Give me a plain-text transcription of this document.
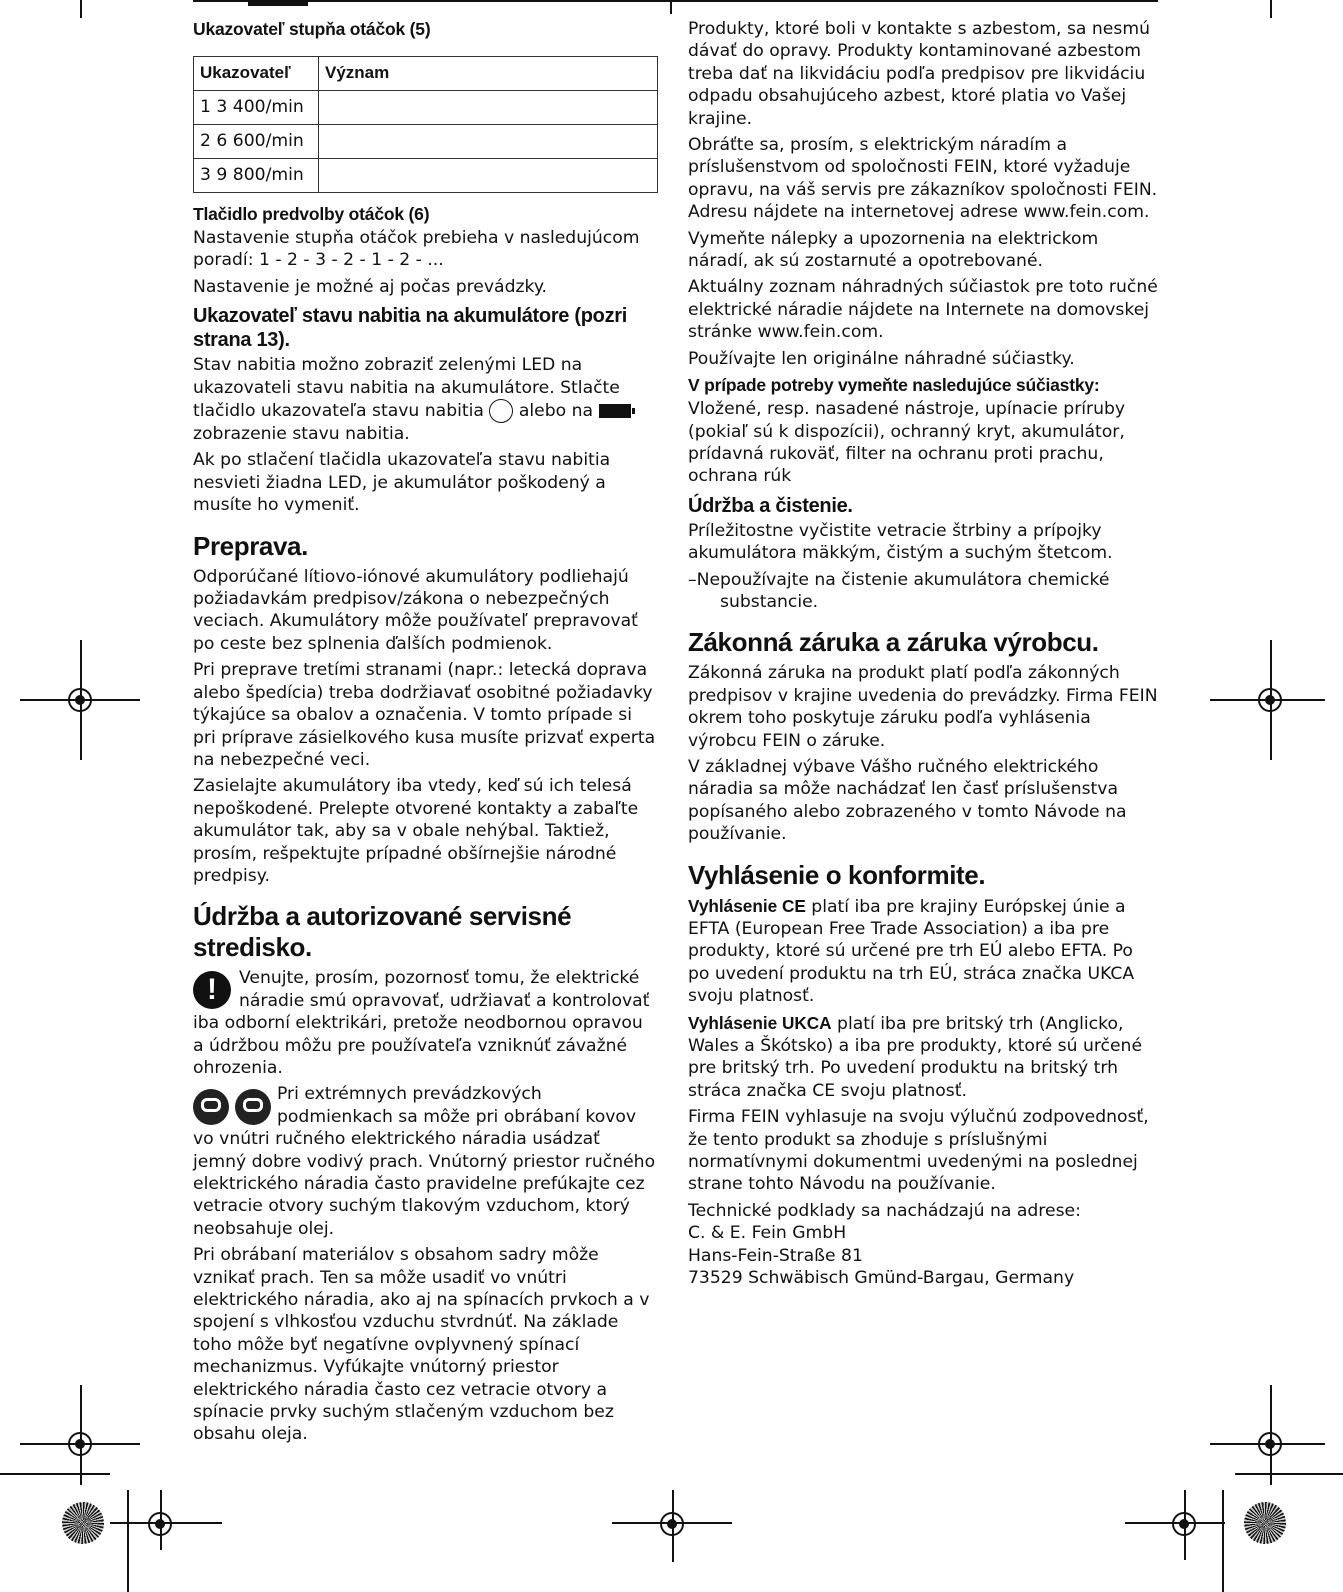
Ukazovateľ stupňa otáčok (5)
Ukazovateľ	Význam
1 3 400/min	
2 6 600/min	
3 9 800/min	
Tlačidlo predvolby otáčok (6)

Nastavenie stupňa otáčok prebieha v nasledujúcom poradí: 1 - 2 - 3 - 2 - 1 - 2 - ...

Nastavenie je možné aj počas prevádzky.

Ukazovateľ stavu nabitia na akumulátore (pozri strana 13).

Stav nabitia možno zobraziť zelenými LED na ukazovateli stavu nabitia na akumulátore. Stlačte tlačidlo ukazovateľa stavu nabitia alebo na  zobrazenie stavu nabitia.

Ak po stlačení tlačidla ukazovateľa stavu nabitia nesvieti žiadna LED, je akumulátor poškodený a musíte ho vymeniť.

Preprava.

Odporúčané lítiovo-iónové akumulátory podliehajú požiadavkám predpisov/zákona o nebezpečných veciach. Akumulátory môže používateľ prepravovať po ceste bez splnenia ďalších podmienok.

Pri preprave tretími stranami (napr.: letecká doprava alebo špedícia) treba dodržiavať osobitné požiadavky týkajúce sa obalov a označenia. V tomto prípade si pri príprave zásielkového kusa musíte prizvať experta na nebezpečné veci.

Zasielajte akumulátory iba vtedy, keď sú ich telesá nepoškodené. Prelepte otvorené kontakty a zabaľte akumulátor tak, aby sa v obale nehýbal. Taktiež, prosím, rešpektujte prípadné obšírnejšie národné predpisy.

Údržba a autorizované servisné stredisko.

!	Venujte, prosím, pozornosť tomu, že elektrické náradie smú opravovať, udržiavať a kontrolovať iba odborní elektrikári, pretože neodbornou opravou a údržbou môžu pre používateľa vzniknúť závažné ohrozenia.

Pri extrémnych prevádzkových podmienkach sa môže pri obrábaní kovov vo vnútri ručného elektrického náradia usádzať jemný dobre vodivý prach. Vnútorný priestor ručného elektrického náradia často pravidelne prefúkajte cez vetracie otvory suchým tlakovým vzduchom, ktorý neobsahuje olej.

Pri obrábaní materiálov s obsahom sadry môže vznikať prach. Ten sa môže usadiť vo vnútri elektrického náradia, ako aj na spínacích prvkoch a v spojení s vlhkosťou vzduchu stvrdnúť. Na základe toho môže byť negatívne ovplyvnený spínací mechanizmus. Vyfúkajte vnútorný priestor elektrického náradia často cez vetracie otvory a spínacie prvky suchým stlačeným vzduchom bez obsahu oleja.

Produkty, ktoré boli v kontakte s azbestom, sa nesmú dávať do opravy. Produkty kontaminované azbestom treba dať na likvidáciu podľa predpisov pre likvidáciu odpadu obsahujúceho azbest, ktoré platia vo Vašej krajine.

Obráťte sa, prosím, s elektrickým náradím a príslušenstvom od spoločnosti FEIN, ktoré vyžaduje opravu, na váš servis pre zákazníkov spoločnosti FEIN. Adresu nájdete na internetovej adrese www.fein.com.

Vymeňte nálepky a upozornenia na elektrickom náradí, ak sú zostarnuté a opotrebované.

Aktuálny zoznam náhradných súčiastok pre toto ručné elektrické náradie nájdete na Internete na domovskej stránke www.fein.com.

Používajte len originálne náhradné súčiastky.

V prípade potreby vymeňte nasledujúce súčiastky:

Vložené, resp. nasadené nástroje, upínacie príruby (pokiaľ sú k dispozícii), ochranný kryt, akumulátor, prídavná rukoväť, filter na ochranu proti prachu, ochrana rúk

Údržba a čistenie.

Príležitostne vyčistite vetracie štrbiny a prípojky akumulátora mäkkým, čistým a suchým štetcom.

–Nepoužívajte na čistenie akumulátora chemické substancie.

Zákonná záruka a záruka výrobcu.

Zákonná záruka na produkt platí podľa zákonných predpisov v krajine uvedenia do prevádzky. Firma FEIN okrem toho poskytuje záruku podľa vyhlásenia výrobcu FEIN o záruke.

V základnej výbave Vášho ručného elektrického náradia sa môže nachádzať len časť príslušenstva popísaného alebo zobrazeného v tomto Návode na používanie.

Vyhlásenie o konformite.

Vyhlásenie CE platí iba pre krajiny Európskej únie a EFTA (European Free Trade Association) a iba pre produkty, ktoré sú určené pre trh EÚ alebo EFTA. Po po uvedení produktu na trh EÚ, stráca značka UKCA svoju platnosť.

Vyhlásenie UKCA platí iba pre britský trh (Anglicko, Wales a Škótsko) a iba pre produkty, ktoré sú určené pre britský trh. Po uvedení produktu na britský trh stráca značka CE svoju platnosť.

Firma FEIN vyhlasuje na svoju výlučnú zodpovednosť, že tento produkt sa zhoduje s príslušnými normatívnymi dokumentmi uvedenými na poslednej strane tohto Návodu na používanie.

Technické podklady sa nachádzajú na adrese:

C. & E. Fein GmbH

Hans-Fein-Straße 81

73529 Schwäbisch Gmünd-Bargau, Germany
